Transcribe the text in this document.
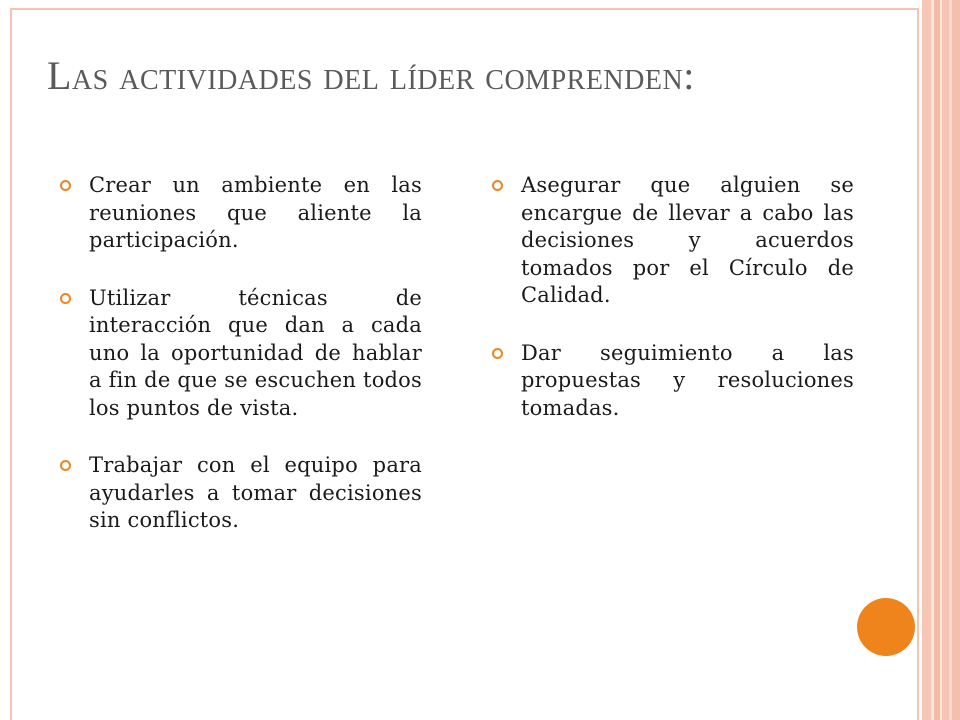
Las actividades del líder comprenden:
Crear un ambiente en las reuniones que aliente la participación.
Utilizar técnicas de interacción que dan a cada uno la oportunidad de hablar a fin de que se escuchen todos los puntos de vista.
Trabajar con el equipo para ayudarles a tomar decisiones sin conflictos.
Asegurar que alguien se encargue de llevar a cabo las decisiones y acuerdos tomados por el Círculo de Calidad.
Dar seguimiento a las propuestas y resoluciones tomadas.
